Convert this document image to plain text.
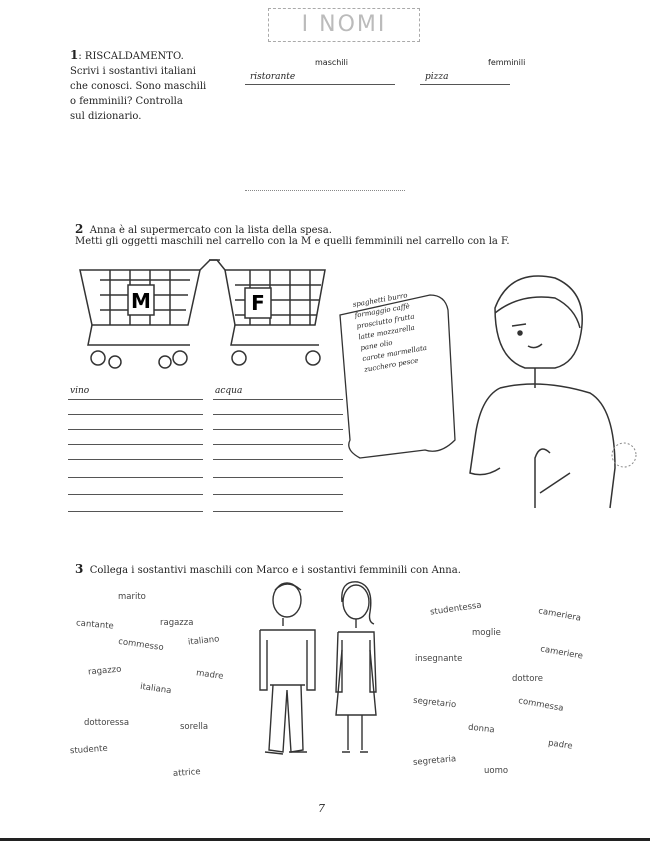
I NOMI
1: RISCALDAMENTO.
Scrivi i sostantivi italiani
che conosci. Sono maschili
o femminili? Controlla
sul dizionario.
maschili	femminili
ristorante	pizza
2 Anna è al supermercato con la lista della spesa.
Metti gli oggetti maschili nel carrello con la M e quelli femminili nel carrello con la F.
M	F
vino	acqua
spaghetti burro
formaggio caffè
prosciutto frutta
latte mozzarella
pane olio
carote marmellata
zucchero pesce
3 Collega i sostantivi maschili con Marco e i sostantivi femminili con Anna.
marito
cantante	ragazza
commesso	italiano
ragazzo	madre
italiana
dottoressa
studente
attrice
sorella
studentessa	cameriera
moglie
insegnante	cameriere
dottore
segretario	commessa
donna
padre
segretaria
uomo
7
